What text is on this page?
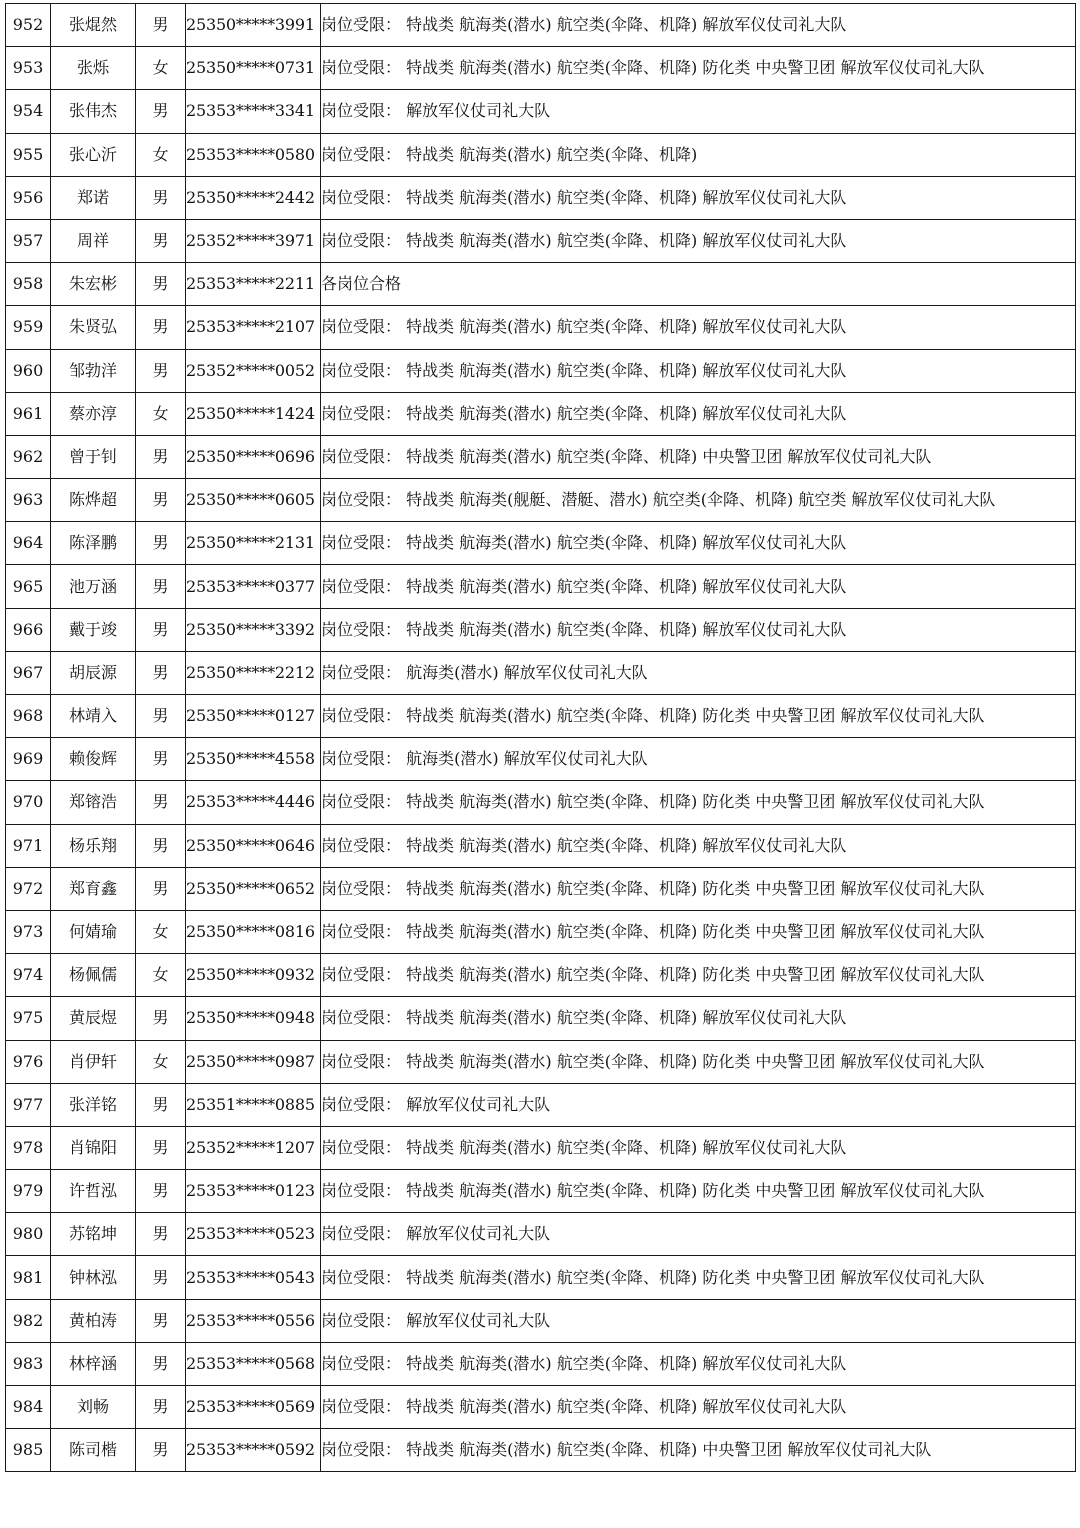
952	张焜然	男	25350*****3991	岗位受限： 特战类 航海类(潜水) 航空类(伞降、机降) 解放军仪仗司礼大队
953	张烁	女	25350*****0731	岗位受限： 特战类 航海类(潜水) 航空类(伞降、机降) 防化类 中央警卫团 解放军仪仗司礼大队
954	张伟杰	男	25353*****3341	岗位受限： 解放军仪仗司礼大队
955	张心沂	女	25353*****0580	岗位受限： 特战类 航海类(潜水) 航空类(伞降、机降)
956	郑诺	男	25350*****2442	岗位受限： 特战类 航海类(潜水) 航空类(伞降、机降) 解放军仪仗司礼大队
957	周祥	男	25352*****3971	岗位受限： 特战类 航海类(潜水) 航空类(伞降、机降) 解放军仪仗司礼大队
958	朱宏彬	男	25353*****2211	各岗位合格
959	朱贤弘	男	25353*****2107	岗位受限： 特战类 航海类(潜水) 航空类(伞降、机降) 解放军仪仗司礼大队
960	邹勃洋	男	25352*****0052	岗位受限： 特战类 航海类(潜水) 航空类(伞降、机降) 解放军仪仗司礼大队
961	蔡亦淳	女	25350*****1424	岗位受限： 特战类 航海类(潜水) 航空类(伞降、机降) 解放军仪仗司礼大队
962	曾于钊	男	25350*****0696	岗位受限： 特战类 航海类(潜水) 航空类(伞降、机降) 中央警卫团 解放军仪仗司礼大队
963	陈烨超	男	25350*****0605	岗位受限： 特战类 航海类(舰艇、潜艇、潜水) 航空类(伞降、机降) 航空类 解放军仪仗司礼大队
964	陈泽鹏	男	25350*****2131	岗位受限： 特战类 航海类(潜水) 航空类(伞降、机降) 解放军仪仗司礼大队
965	池万涵	男	25353*****0377	岗位受限： 特战类 航海类(潜水) 航空类(伞降、机降) 解放军仪仗司礼大队
966	戴于竣	男	25350*****3392	岗位受限： 特战类 航海类(潜水) 航空类(伞降、机降) 解放军仪仗司礼大队
967	胡辰源	男	25350*****2212	岗位受限： 航海类(潜水) 解放军仪仗司礼大队
968	林靖入	男	25350*****0127	岗位受限： 特战类 航海类(潜水) 航空类(伞降、机降) 防化类 中央警卫团 解放军仪仗司礼大队
969	赖俊辉	男	25350*****4558	岗位受限： 航海类(潜水) 解放军仪仗司礼大队
970	郑镕浩	男	25353*****4446	岗位受限： 特战类 航海类(潜水) 航空类(伞降、机降) 防化类 中央警卫团 解放军仪仗司礼大队
971	杨乐翔	男	25350*****0646	岗位受限： 特战类 航海类(潜水) 航空类(伞降、机降) 解放军仪仗司礼大队
972	郑育鑫	男	25350*****0652	岗位受限： 特战类 航海类(潜水) 航空类(伞降、机降) 防化类 中央警卫团 解放军仪仗司礼大队
973	何婧瑜	女	25350*****0816	岗位受限： 特战类 航海类(潜水) 航空类(伞降、机降) 防化类 中央警卫团 解放军仪仗司礼大队
974	杨佩儒	女	25350*****0932	岗位受限： 特战类 航海类(潜水) 航空类(伞降、机降) 防化类 中央警卫团 解放军仪仗司礼大队
975	黄辰煜	男	25350*****0948	岗位受限： 特战类 航海类(潜水) 航空类(伞降、机降) 解放军仪仗司礼大队
976	肖伊轩	女	25350*****0987	岗位受限： 特战类 航海类(潜水) 航空类(伞降、机降) 防化类 中央警卫团 解放军仪仗司礼大队
977	张洋铭	男	25351*****0885	岗位受限： 解放军仪仗司礼大队
978	肖锦阳	男	25352*****1207	岗位受限： 特战类 航海类(潜水) 航空类(伞降、机降) 解放军仪仗司礼大队
979	许哲泓	男	25353*****0123	岗位受限： 特战类 航海类(潜水) 航空类(伞降、机降) 防化类 中央警卫团 解放军仪仗司礼大队
980	苏铭坤	男	25353*****0523	岗位受限： 解放军仪仗司礼大队
981	钟林泓	男	25353*****0543	岗位受限： 特战类 航海类(潜水) 航空类(伞降、机降) 防化类 中央警卫团 解放军仪仗司礼大队
982	黄柏涛	男	25353*****0556	岗位受限： 解放军仪仗司礼大队
983	林梓涵	男	25353*****0568	岗位受限： 特战类 航海类(潜水) 航空类(伞降、机降) 解放军仪仗司礼大队
984	刘畅	男	25353*****0569	岗位受限： 特战类 航海类(潜水) 航空类(伞降、机降) 解放军仪仗司礼大队
985	陈司楷	男	25353*****0592	岗位受限： 特战类 航海类(潜水) 航空类(伞降、机降) 中央警卫团 解放军仪仗司礼大队
